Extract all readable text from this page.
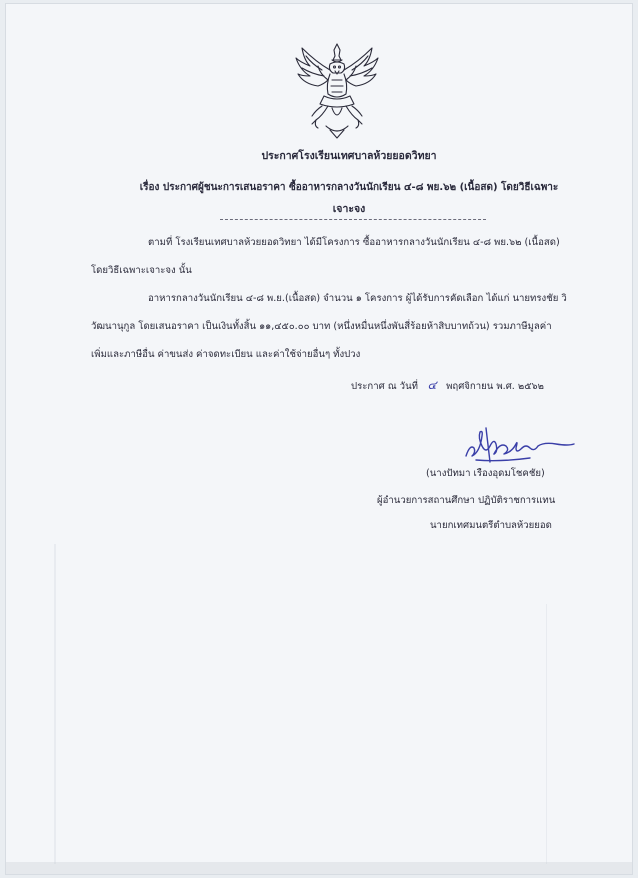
ประกาศโรงเรียนเทศบาลห้วยยอดวิทยา
เรื่อง ประกาศผู้ชนะการเสนอราคา ซื้ออาหารกลางวันนักเรียน ๔-๘ พย.๖๒ (เนื้อสด) โดยวิธีเฉพาะ
เจาะจง
ตามที่ โรงเรียนเทศบาลห้วยยอดวิทยา ได้มีโครงการ ซื้ออาหารกลางวันนักเรียน ๔-๘ พย.๖๒ (เนื้อสด)
โดยวิธีเฉพาะเจาะจง นั้น
อาหารกลางวันนักเรียน ๔-๘ พ.ย.(เนื้อสด) จำนวน ๑ โครงการ ผู้ได้รับการคัดเลือก ได้แก่ นายทรงชัย วิ
วัฒนานุกูล โดยเสนอราคา เป็นเงินทั้งสิ้น ๑๑,๔๕๐.๐๐ บาท (หนึ่งหมื่นหนึ่งพันสี่ร้อยห้าสิบบาทถ้วน) รวมภาษีมูลค่า
เพิ่มและภาษีอื่น ค่าขนส่ง ค่าจดทะเบียน และค่าใช้จ่ายอื่นๆ ทั้งปวง
ประกาศ ณ วันที่ ๔ พฤศจิกายน พ.ศ. ๒๕๖๒
(นางปัทมา เรืองอุดมโชคชัย)
ผู้อำนวยการสถานศึกษา ปฏิบัติราชการแทน
นายกเทศมนตรีตำบลห้วยยอด
